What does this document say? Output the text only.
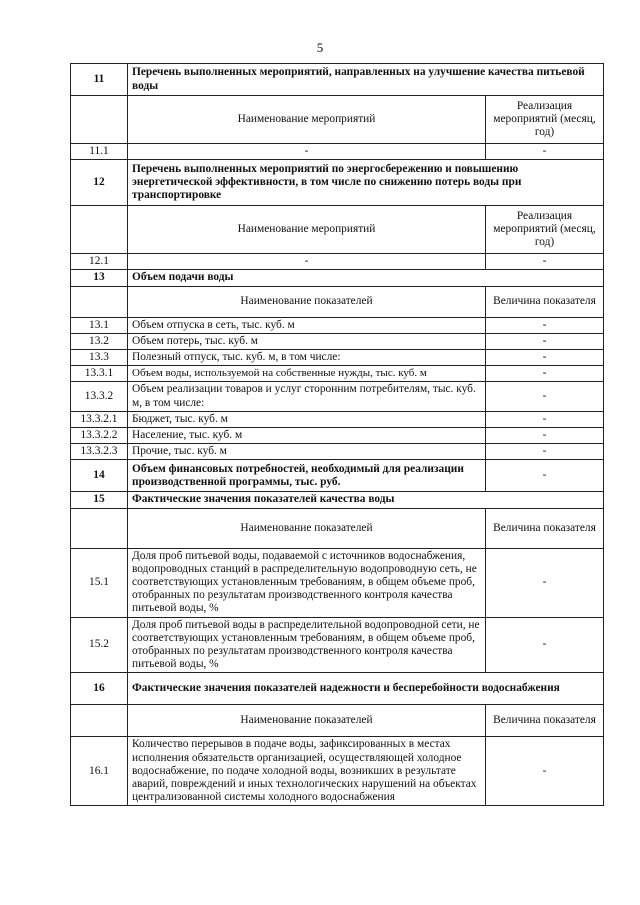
5
11	Перечень выполненных мероприятий, направленных на улучшение качества питьевой воды	
	Наименование мероприятий	Реализация мероприятий (месяц, год)
11.1	-	-
12	Перечень выполненных мероприятий по энергосбережению и повышению энергетической эффективности, в том числе по снижению потерь воды при транспортировке	
	Наименование мероприятий	Реализация мероприятий (месяц, год)
12.1	-	-
13	Объем подачи воды	
	Наименование показателей	Величина показателя
13.1	Объем отпуска в сеть, тыс. куб. м	-
13.2	Объем потерь, тыс. куб. м	-
13.3	Полезный отпуск, тыс. куб. м, в том числе:	-
13.3.1	Объем воды, используемой на собственные нужды, тыс. куб. м	-
13.3.2	Объем реализации товаров и услуг сторонним потребителям, тыс. куб. м, в том числе:	-
13.3.2.1	Бюджет, тыс. куб. м	-
13.3.2.2	Население, тыс. куб. м	-
13.3.2.3	Прочие, тыс. куб. м	-
14	Объем финансовых потребностей, необходимый для реализации производственной программы, тыс. руб.	-
15	Фактические значения показателей качества воды	
	Наименование показателей	Величина показателя
15.1	Доля проб питьевой воды, подаваемой с источников водоснабжения, водопроводных станций в распределительную водопроводную сеть, не соответствующих установленным требованиям, в общем объеме проб, отобранных по результатам производственного контроля качества питьевой воды, %	-
15.2	Доля проб питьевой воды в распределительной водопроводной сети, не соответствующих установленным требованиям, в общем объеме проб, отобранных по результатам производственного контроля качества питьевой воды, %	-
16	Фактические значения показателей надежности и бесперебойности водоснабжения	
	Наименование показателей	Величина показателя
16.1	Количество перерывов в подаче воды, зафиксированных в местах исполнения обязательств организацией, осуществляющей холодное водоснабжение, по подаче холодной воды, возникших в результате аварий, повреждений и иных технологических нарушений на объектах централизованной системы холодного водоснабжения	-
